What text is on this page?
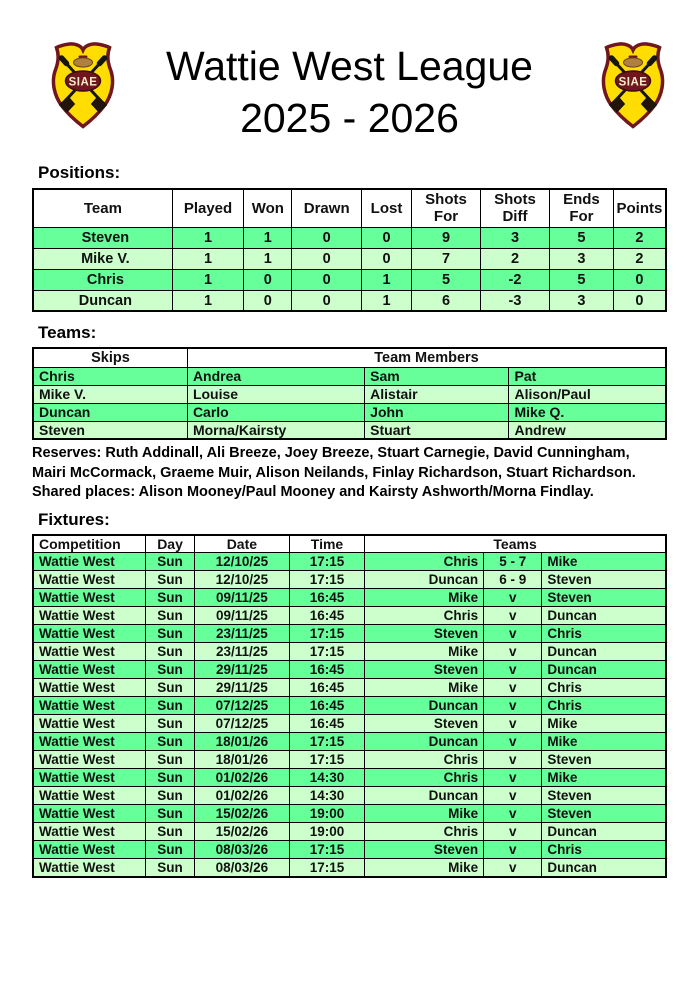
SIAE	Wattie West League
2025 - 2026
Positions:
Team	Played	Won	Drawn	Lost	Shots For	Shots Diff	Ends For	Points
Steven	1	1	0	0	9	3	5	2
Mike V.	1	1	0	0	7	2	3	2
Chris	1	0	0	1	5	-2	5	0
Duncan	1	0	0	1	6	-3	3	0
Teams:
Skips	Team Members		
Chris	Andrea	Sam	Pat
Mike V.	Louise	Alistair	Alison/Paul
Duncan	Carlo	John	Mike Q.
Steven	Morna/Kairsty	Stuart	Andrew

Reserves: Ruth Addinall, Ali Breeze, Joey Breeze, Stuart Carnegie, David Cunningham, Mairi McCormack, Graeme Muir, Alison Neilands, Finlay Richardson, Stuart Richardson.
Shared places: Alison Mooney/Paul Mooney and Kairsty Ashworth/Morna Findlay.

Fixtures:
Competition	Day	Date	Time	Teams		
Wattie West	Sun	12/10/25	17:15	Chris	5 - 7	Mike
Wattie West	Sun	12/10/25	17:15	Duncan	6 - 9	Steven
Wattie West	Sun	09/11/25	16:45	Mike	v	Steven
Wattie West	Sun	09/11/25	16:45	Chris	v	Duncan
Wattie West	Sun	23/11/25	17:15	Steven	v	Chris
Wattie West	Sun	23/11/25	17:15	Mike	v	Duncan
Wattie West	Sun	29/11/25	16:45	Steven	v	Duncan
Wattie West	Sun	29/11/25	16:45	Mike	v	Chris
Wattie West	Sun	07/12/25	16:45	Duncan	v	Chris
Wattie West	Sun	07/12/25	16:45	Steven	v	Mike
Wattie West	Sun	18/01/26	17:15	Duncan	v	Mike
Wattie West	Sun	18/01/26	17:15	Chris	v	Steven
Wattie West	Sun	01/02/26	14:30	Chris	v	Mike
Wattie West	Sun	01/02/26	14:30	Duncan	v	Steven
Wattie West	Sun	15/02/26	19:00	Mike	v	Steven
Wattie West	Sun	15/02/26	19:00	Chris	v	Duncan
Wattie West	Sun	08/03/26	17:15	Steven	v	Chris
Wattie West	Sun	08/03/26	17:15	Mike	v	Duncan
